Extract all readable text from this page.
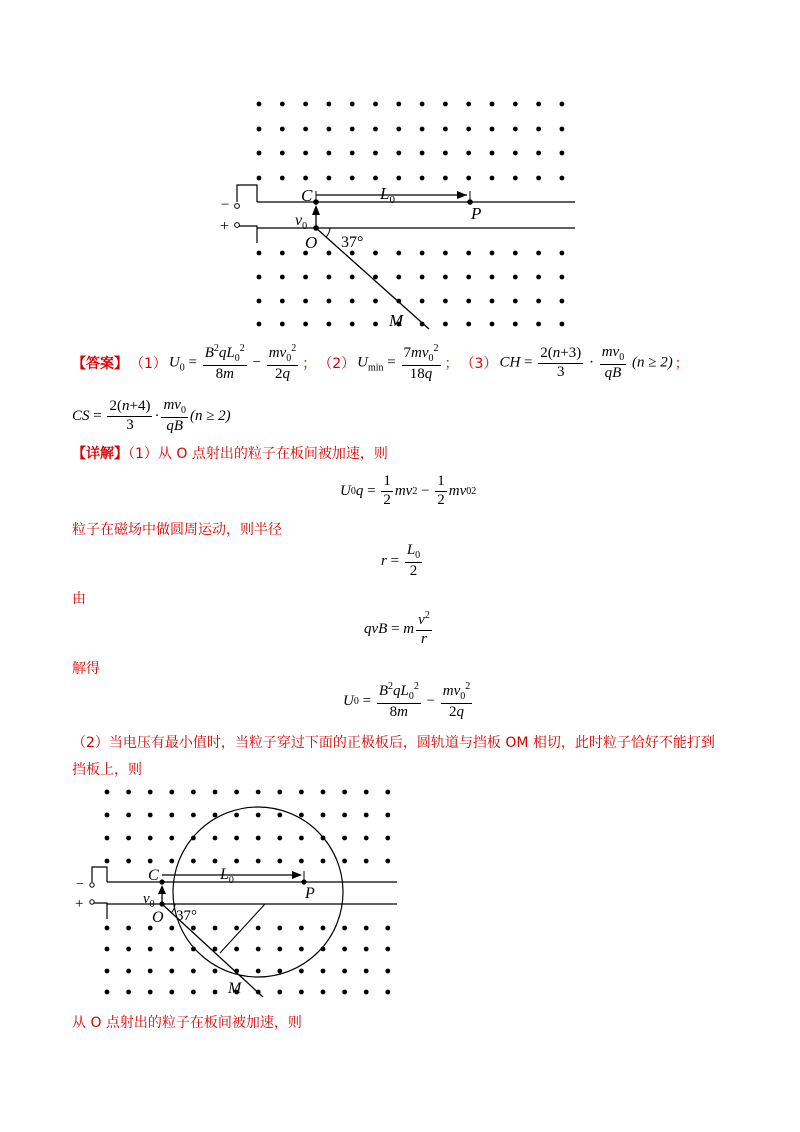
−
+
C	$L_0$
P
$v_0$
O 37°
M
【答案】 （1） $U_0 = \frac{B^2qL_0^2}{8m} - \frac{mv_0^2}{2q}$ ； （2） $U_{min} = \frac{7mv_0^2}{18q}$ ； （3） CH = $\frac{2(n+3)}{3} \cdot \frac{mv_0}{qB} (n \ge 2)$ ；
CS = $\frac{2(n+4)}{3} \cdot \frac{mv_0}{qB} (n \ge 2)$
【详解】（1）从 O 点射出的粒子在板间被加速，则
U 0 $q = \frac{1}{2}$ mv $2 - \frac{1}{2}$ mv 0 2
粒子在磁场中做圆周运动，则半径
$r = \frac{L_0}{2}$
由
qvB = m $\frac{v^2}{r}$
解得
U $0 = \frac{B^2qL_0^2}{8m} - \frac{mv_0^2}{2q}$
（2）当电压有最小值时，当粒子穿过下面的正极板后，圆轨道与挡板 OM 相切，此时粒子恰好不能打到
挡板上，则
−
+
C	$L_0$
P
$v_0$
O 37°
M
从 O 点射出的粒子在板间被加速，则
